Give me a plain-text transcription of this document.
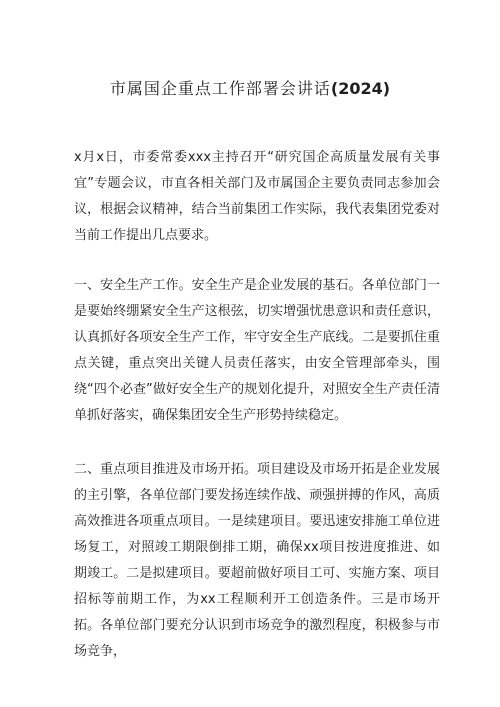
市属国企重点工作部署会讲话(2024)

x月x日，市委常委xxx主持召开“研究国企高质量发展有关事宜”专题会议，市直各相关部门及市属国企主要负责同志参加会议，根据会议精神，结合当前集团工作实际，我代表集团党委对当前工作提出几点要求。

一、安全生产工作。安全生产是企业发展的基石。各单位部门一是要始终绷紧安全生产这根弦，切实增强忧患意识和责任意识，认真抓好各项安全生产工作，牢守安全生产底线。二是要抓住重点关键，重点突出关键人员责任落实，由安全管理部牵头，围绕“四个必查”做好安全生产的规划化提升，对照安全生产责任清单抓好落实，确保集团安全生产形势持续稳定。

二、重点项目推进及市场开拓。项目建设及市场开拓是企业发展的主引擎，各单位部门要发扬连续作战、顽强拼搏的作风，高质高效推进各项重点项目。一是续建项目。要迅速安排施工单位进场复工，对照竣工期限倒排工期，确保xx项目按进度推进、如期竣工。二是拟建项目。要超前做好项目工可、实施方案、项目招标等前期工作，为xx工程顺利开工创造条件。三是市场开拓。各单位部门要充分认识到市场竞争的激烈程度，积极参与市场竞争，
